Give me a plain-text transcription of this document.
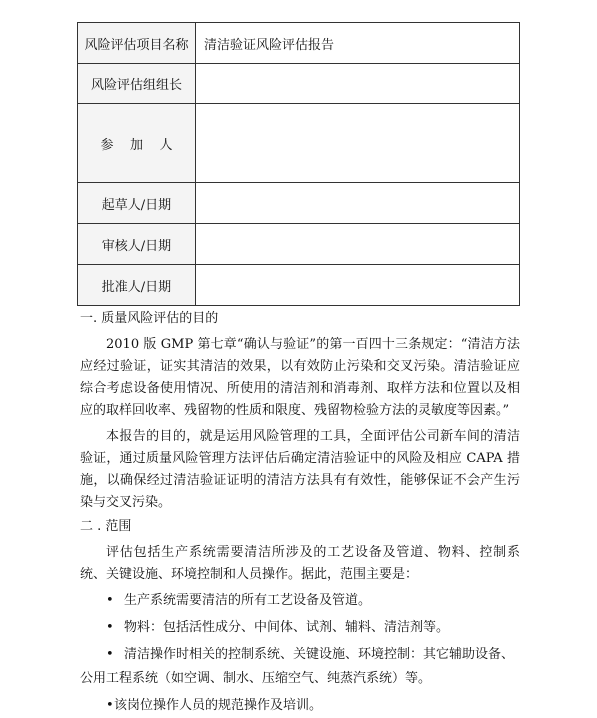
风险评估项目名称	清洁验证风险评估报告
风险评估组组长	
参    加    人	
起草人/日期	
审核人/日期	
批准人/日期	
一. 质量风险评估的目的
2010 版 GMP 第七章“确认与验证”的第一百四十三条规定：“清洁方法应经过验证，证实其清洁的效果，以有效防止污染和交叉污染。清洁验证应综合考虑设备使用情况、所使用的清洁剂和消毒剂、取样方法和位置以及相应的取样回收率、残留物的性质和限度、残留物检验方法的灵敏度等因素。”
本报告的目的，就是运用风险管理的工具，全面评估公司新车间的清洁验证，通过质量风险管理方法评估后确定清洁验证中的风险及相应 CAPA 措施，以确保经过清洁验证证明的清洁方法具有有效性，能够保证不会产生污染与交叉污染。
二 . 范围
评估包括生产系统需要清洁所涉及的工艺设备及管道、物料、控制系统、关键设施、环境控制和人员操作。据此，范围主要是：
• 生产系统需要清洁的所有工艺设备及管道。
• 物料：包括活性成分、中间体、试剂、辅料、清洁剂等。
• 清洁操作时相关的控制系统、关键设施、环境控制：其它辅助设备、公用工程系统（如空调、制水、压缩空气、纯蒸汽系统）等。
•该岗位操作人员的规范操作及培训。
